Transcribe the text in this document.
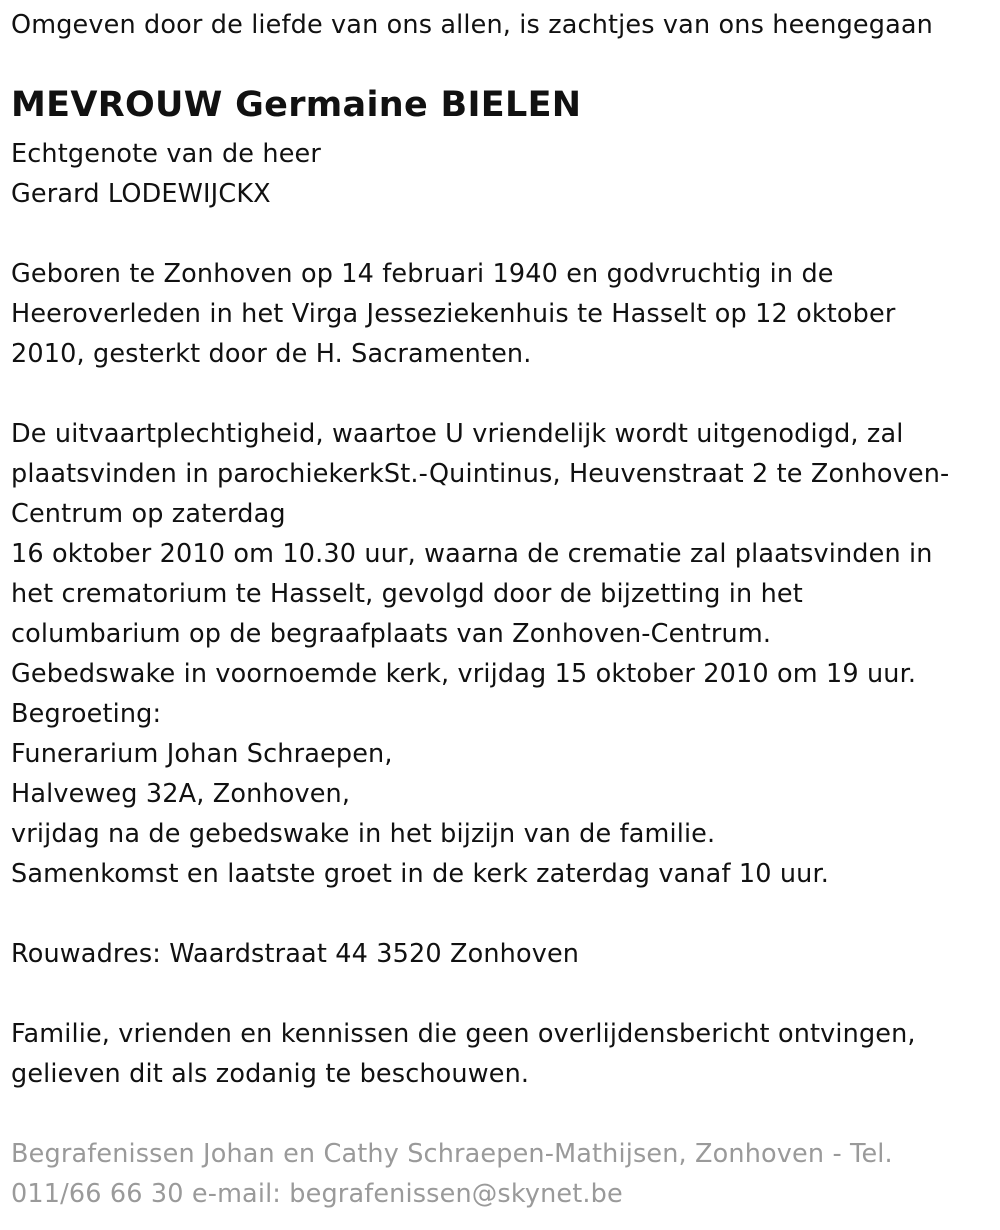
Omgeven door de liefde van ons allen, is zachtjes van ons heengegaan
MEVROUW Germaine BIELEN
Echtgenote van de heer
Gerard LODEWIJCKX
Geboren te Zonhoven op 14 februari 1940 en godvruchtig in de
Heeroverleden in het Virga Jesseziekenhuis te Hasselt op 12 oktober
2010, gesterkt door de H. Sacramenten.
De uitvaartplechtigheid, waartoe U vriendelijk wordt uitgenodigd, zal
plaatsvinden in parochiekerkSt.-Quintinus, Heuvenstraat 2 te Zonhoven-
Centrum op zaterdag
16 oktober 2010 om 10.30 uur, waarna de crematie zal plaatsvinden in
het crematorium te Hasselt, gevolgd door de bijzetting in het
columbarium op de begraafplaats van Zonhoven-Centrum.
Gebedswake in voornoemde kerk, vrijdag 15 oktober 2010 om 19 uur.
Begroeting:
Funerarium Johan Schraepen,
Halveweg 32A, Zonhoven,
vrijdag na de gebedswake in het bijzijn van de familie.
Samenkomst en laatste groet in de kerk zaterdag vanaf 10 uur.
Rouwadres: Waardstraat 44 3520 Zonhoven
Familie, vrienden en kennissen die geen overlijdensbericht ontvingen,
gelieven dit als zodanig te beschouwen.
Begrafenissen Johan en Cathy Schraepen-Mathijsen, Zonhoven - Tel.
011/66 66 30 e-mail: begrafenissen@skynet.be
